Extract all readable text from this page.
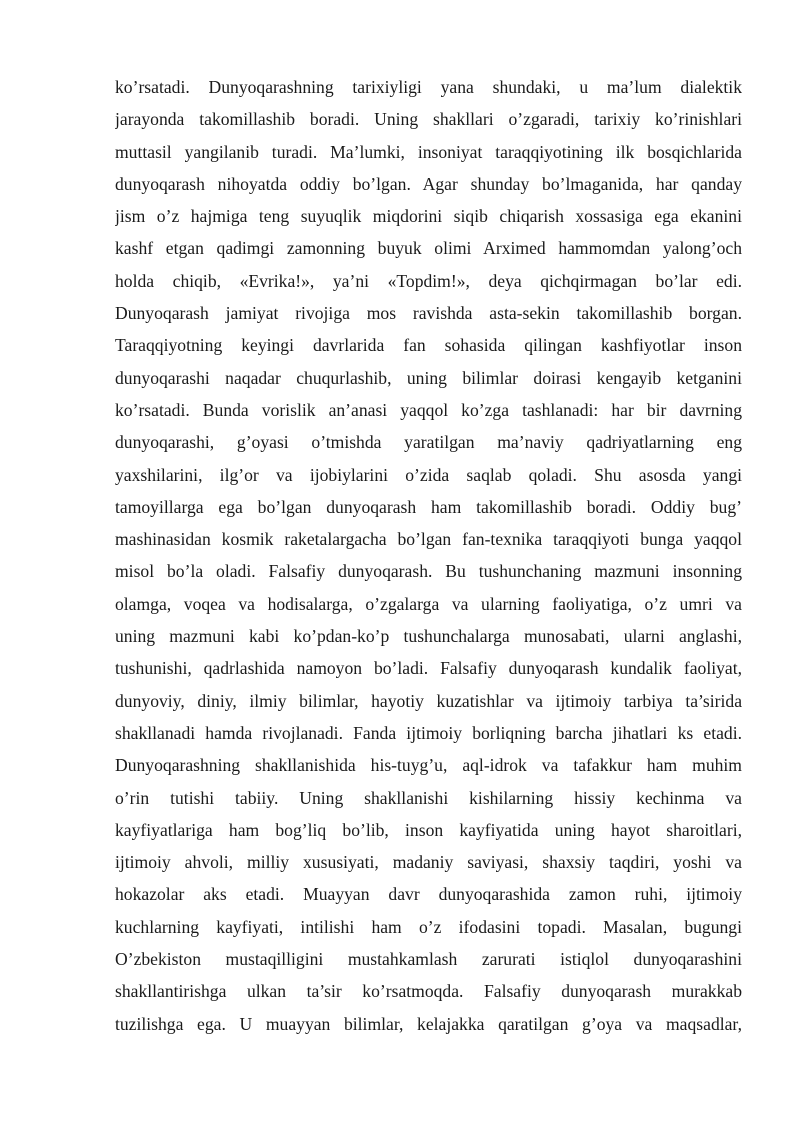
ko’rsatadi. Dunyoqarashning tarixiyligi yana shundaki, u ma’lum dialektik
jarayonda takomillashib boradi. Uning shakllari o’zgaradi, tarixiy ko’rinishlari
muttasil yangilanib turadi. Ma’lumki, insoniyat taraqqiyotining ilk bosqichlarida
dunyoqarash nihoyatda oddiy bo’lgan. Agar shunday bo’lmaganida, har qanday
jism o’z hajmiga teng suyuqlik miqdorini siqib chiqarish xossasiga ega ekanini
kashf etgan qadimgi zamonning buyuk olimi Arximed hammomdan yalong’och
holda chiqib, «Evrika!», ya’ni «Topdim!», deya qichqirmagan bo’lar edi.
Dunyoqarash jamiyat rivojiga mos ravishda asta-sekin takomillashib borgan.
Taraqqiyotning keyingi davrlarida fan sohasida qilingan kashfiyotlar inson
dunyoqarashi naqadar chuqurlashib, uning bilimlar doirasi kengayib ketganini
ko’rsatadi. Bunda vorislik an’anasi yaqqol ko’zga tashlanadi: har bir davrning
dunyoqarashi, g’oyasi o’tmishda yaratilgan ma’naviy qadriyatlarning eng
yaxshilarini, ilg’or va ijobiylarini o’zida saqlab qoladi. Shu asosda yangi
tamoyillarga ega bo’lgan dunyoqarash ham takomillashib boradi. Oddiy bug’
mashinasidan kosmik raketalargacha bo’lgan fan-texnika taraqqiyoti bunga yaqqol
misol bo’la oladi. Falsafiy dunyoqarash. Bu tushunchaning mazmuni insonning
olamga, voqea va hodisalarga, o’zgalarga va ularning faoliyatiga, o’z umri va
uning mazmuni kabi ko’pdan-ko’p tushunchalarga munosabati, ularni anglashi,
tushunishi, qadrlashida namoyon bo’ladi. Falsafiy dunyoqarash kundalik faoliyat,
dunyoviy, diniy, ilmiy bilimlar, hayotiy kuzatishlar va ijtimoiy tarbiya ta’sirida
shakllanadi hamda rivojlanadi. Fanda ijtimoiy borliqning barcha jihatlari ks etadi.
Dunyoqarashning shakllanishida his-tuyg’u, aql-idrok va tafakkur ham muhim
o’rin tutishi tabiiy. Uning shakllanishi kishilarning hissiy kechinma va
kayfiyatlariga ham bog’liq bo’lib, inson kayfiyatida uning hayot sharoitlari,
ijtimoiy ahvoli, milliy xususiyati, madaniy saviyasi, shaxsiy taqdiri, yoshi va
hokazolar aks etadi. Muayyan davr dunyoqarashida zamon ruhi, ijtimoiy
kuchlarning kayfiyati, intilishi ham o’z ifodasini topadi. Masalan, bugungi
O’zbekiston mustaqilligini mustahkamlash zarurati istiqlol dunyoqarashini
shakllantirishga ulkan ta’sir ko’rsatmoqda. Falsafiy dunyoqarash murakkab
tuzilishga ega. U muayyan bilimlar, kelajakka qaratilgan g’oya va maqsadlar,
